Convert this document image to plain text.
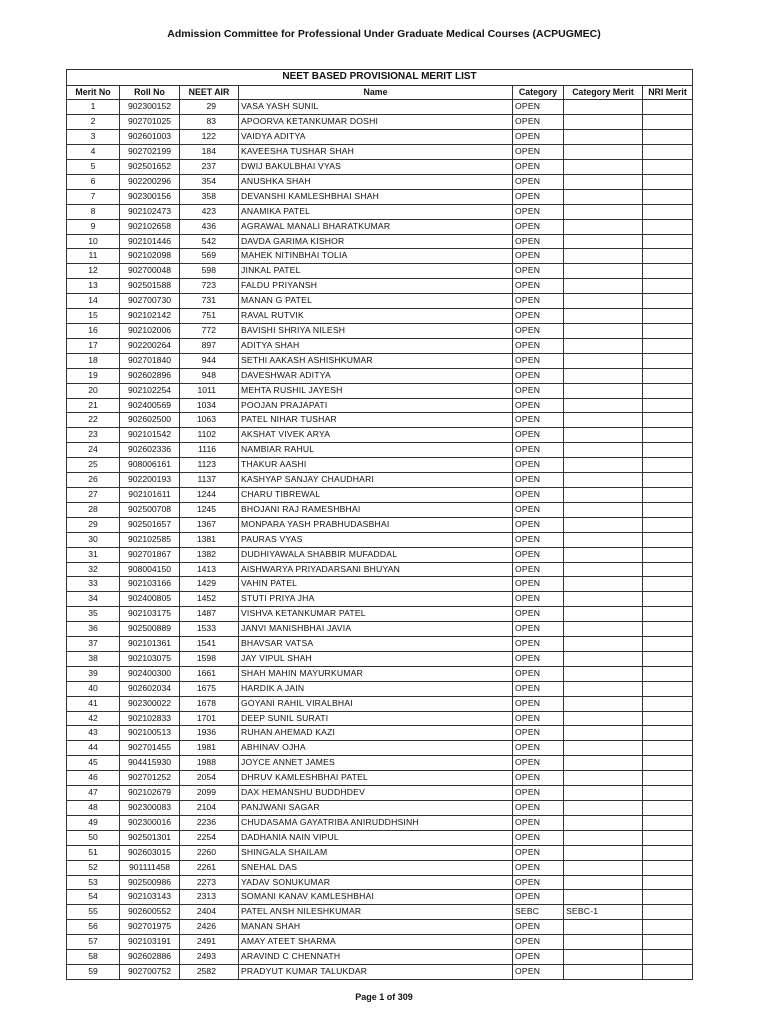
Admission Committee for Professional Under Graduate Medical Courses (ACPUGMEC)
NEET BASED PROVISIONAL MERIT LIST						
Merit No	Roll No	NEET AIR	Name	Category	Category Merit	NRI Merit
1	902300152	29	VASA YASH SUNIL	OPEN		
2	902701025	83	APOORVA KETANKUMAR DOSHI	OPEN		
3	902601003	122	VAIDYA ADITYA	OPEN		
4	902702199	184	KAVEESHA TUSHAR SHAH	OPEN		
5	902501652	237	DWIJ BAKULBHAI VYAS	OPEN		
6	902200296	354	ANUSHKA SHAH	OPEN		
7	902300156	358	DEVANSHI KAMLESHBHAI SHAH	OPEN		
8	902102473	423	ANAMIKA PATEL	OPEN		
9	902102658	436	AGRAWAL MANALI BHARATKUMAR	OPEN		
10	902101446	542	DAVDA GARIMA KISHOR	OPEN		
11	902102098	569	MAHEK NITINBHAI TOLIA	OPEN		
12	902700048	598	JINKAL PATEL	OPEN		
13	902501588	723	FALDU PRIYANSH	OPEN		
14	902700730	731	MANAN G PATEL	OPEN		
15	902102142	751	RAVAL RUTVIK	OPEN		
16	902102006	772	BAVISHI SHRIYA NILESH	OPEN		
17	902200264	897	ADITYA SHAH	OPEN		
18	902701840	944	SETHI AAKASH ASHISHKUMAR	OPEN		
19	902602896	948	DAVESHWAR ADITYA	OPEN		
20	902102254	1011	MEHTA RUSHIL JAYESH	OPEN		
21	902400569	1034	POOJAN PRAJAPATI	OPEN		
22	902602500	1063	PATEL NIHAR TUSHAR	OPEN		
23	902101542	1102	AKSHAT VIVEK ARYA	OPEN		
24	902602336	1116	NAMBIAR RAHUL	OPEN		
25	908006161	1123	THAKUR AASHI	OPEN		
26	902200193	1137	KASHYAP SANJAY CHAUDHARI	OPEN		
27	902101611	1244	CHARU TIBREWAL	OPEN		
28	902500708	1245	BHOJANI RAJ RAMESHBHAI	OPEN		
29	902501657	1367	MONPARA YASH PRABHUDASBHAI	OPEN		
30	902102585	1381	PAURAS VYAS	OPEN		
31	902701867	1382	DUDHIYAWALA SHABBIR MUFADDAL	OPEN		
32	908004150	1413	AISHWARYA PRIYADARSANI BHUYAN	OPEN		
33	902103166	1429	VAHIN PATEL	OPEN		
34	902400805	1452	STUTI PRIYA JHA	OPEN		
35	902103175	1487	VISHVA KETANKUMAR PATEL	OPEN		
36	902500889	1533	JANVI MANISHBHAI JAVIA	OPEN		
37	902101361	1541	BHAVSAR VATSA	OPEN		
38	902103075	1598	JAY VIPUL SHAH	OPEN		
39	902400300	1661	SHAH MAHIN MAYURKUMAR	OPEN		
40	902602034	1675	HARDIK A JAIN	OPEN		
41	902300022	1678	GOYANI RAHIL VIRALBHAI	OPEN		
42	902102833	1701	DEEP SUNIL SURATI	OPEN		
43	902100513	1936	RUHAN AHEMAD KAZI	OPEN		
44	902701455	1981	ABHINAV OJHA	OPEN		
45	904415930	1988	JOYCE ANNET JAMES	OPEN		
46	902701252	2054	DHRUV KAMLESHBHAI PATEL	OPEN		
47	902102679	2099	DAX HEMANSHU BUDDHDEV	OPEN		
48	902300083	2104	PANJWANI SAGAR	OPEN		
49	902300016	2236	CHUDASAMA GAYATRIBA ANIRUDDHSINH	OPEN		
50	902501301	2254	DADHANIA NAIN VIPUL	OPEN		
51	902603015	2260	SHINGALA SHAILAM	OPEN		
52	901111458	2261	SNEHAL DAS	OPEN		
53	902500986	2273	YADAV SONUKUMAR	OPEN		
54	902103143	2313	SOMANI KANAV KAMLESHBHAI	OPEN		
55	902600552	2404	PATEL ANSH NILESHKUMAR	SEBC	SEBC-1	
56	902701975	2426	MANAN SHAH	OPEN		
57	902103191	2491	AMAY ATEET SHARMA	OPEN		
58	902602886	2493	ARAVIND C CHENNATH	OPEN		
59	902700752	2582	PRADYUT KUMAR TALUKDAR	OPEN		
Page 1 of 309
